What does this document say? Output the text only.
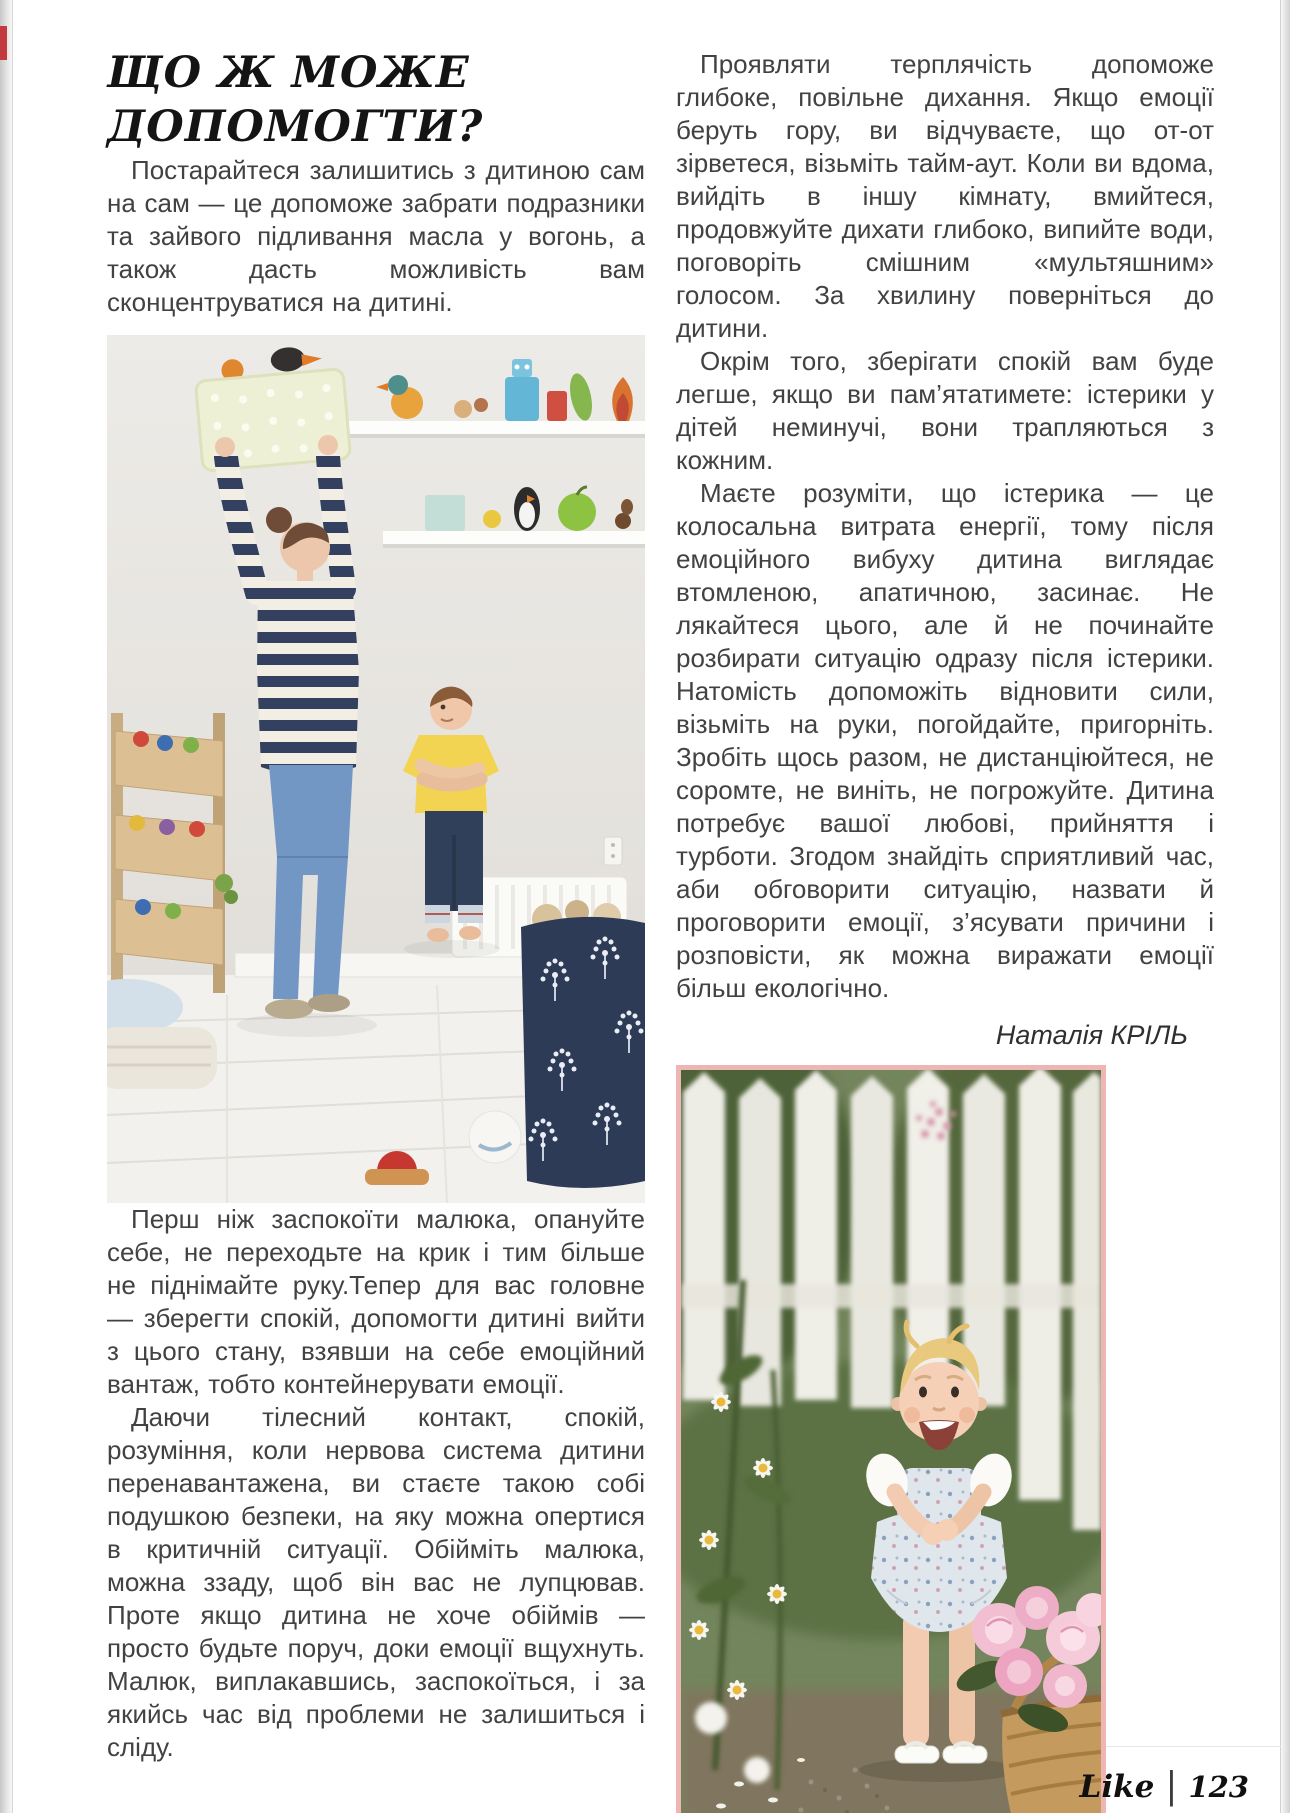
ЩО Ж МОЖЕ
ДОПОМОГТИ?

Постарайтеся залишитись з дитиною сам на сам — це допоможе забрати подразники та зайвого підливання масла у вогонь, а також дасть можливість вам сконцентруватися на дитині.

Перш ніж заспокоїти малюка, опануйте себе, не переходьте на крик і тим більше не піднімайте руку.Тепер для вас головне — зберегти спокій, допомогти дитині вийти з цього стану, взявши на себе емоційний вантаж, тобто контейнерувати емоції.

Даючи тілесний контакт, спокій, розуміння, коли нервова система дитини перенавантажена, ви стаєте такою собі подушкою безпеки, на яку можна опертися в критичній ситуації. Обійміть малюка, можна ззаду, щоб він вас не лупцював. Проте якщо дитина не хоче обіймів — просто будьте поруч, доки емоції вщухнуть. Малюк, виплакавшись, заспокоїться, і за якийсь час від проблеми не залишиться і сліду.

Проявляти терплячість допоможе глибоке, повільне дихання. Якщо емоції беруть гору, ви відчуваєте, що от-от зірветеся, візьміть тайм-аут. Коли ви вдома, вийдіть в іншу кімнату, вмийтеся, продовжуйте дихати глибоко, випийте води, поговоріть смішним «мультяшним» голосом. За хвилину поверніться до дитини.

Окрім того, зберігати спокій вам буде легше, якщо ви пам’ятатимете: істерики у дітей неминучі, вони трапляються з кожним.

Маєте розуміти, що істерика — це колосальна витрата енергії, тому після емоційного вибуху дитина виглядає втомленою, апатичною, засинає. Не лякайтеся цього, але й не починайте розбирати ситуацію одразу після істерики. Натомість допоможіть відновити сили, візьміть на руки, погойдайте, пригорніть. Зробіть щось разом, не дистанціюйтеся, не соромте, не виніть, не погрожуйте. Дитина потребує вашої любові, прийняття і турботи. Згодом знайдіть сприятливий час, аби обговорити ситуацію, назвати й проговорити емоції, з’ясувати причини і розповісти, як можна виражати емоції більш екологічно.

Наталія КРІЛЬ
Like | 123
